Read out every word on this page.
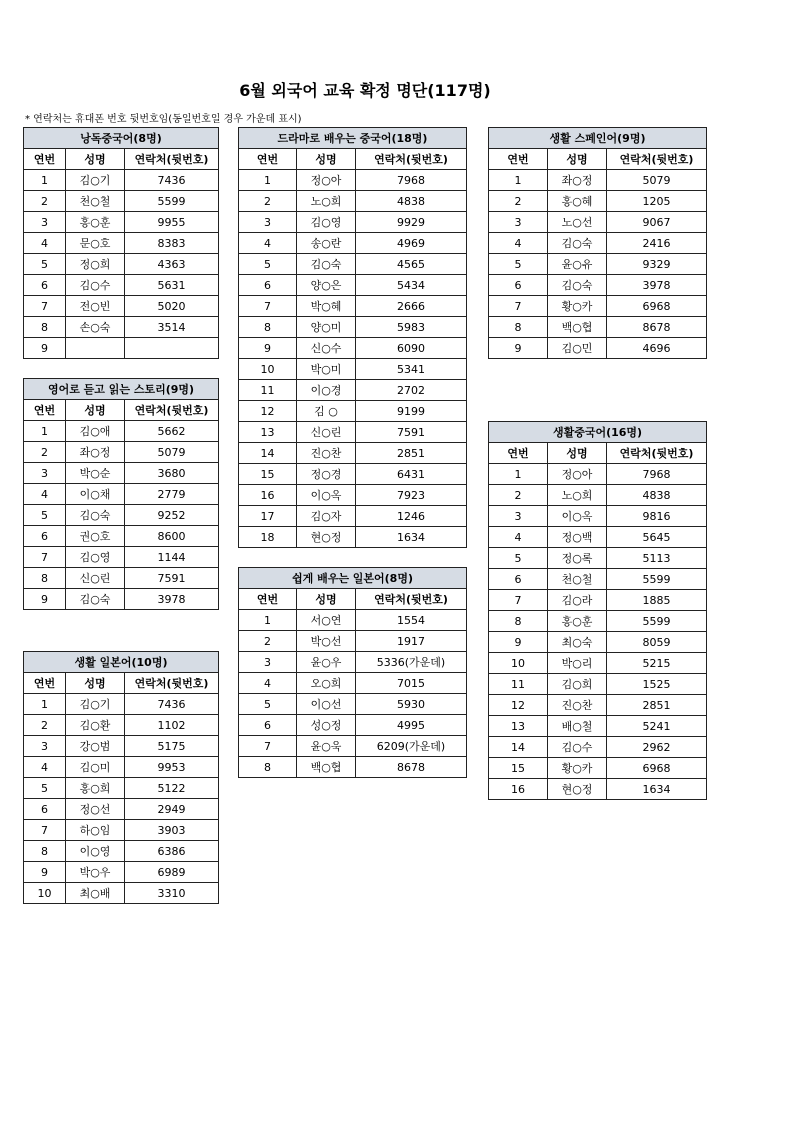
6월 외국어 교육 확정 명단(117명)
* 연락처는 휴대폰 번호 뒷번호임(동일번호일 경우 가운데 표시)
낭독중국어(8명)		
연번	성명	연락처(뒷번호)
1	김○기	7436
2	천○철	5599
3	홍○훈	9955
4	문○호	8383
5	정○희	4363
6	김○수	5631
7	전○빈	5020
8	손○숙	3514
9		
영어로 듣고 읽는 스토리(9명)		
연번	성명	연락처(뒷번호)
1	김○애	5662
2	좌○정	5079
3	박○순	3680
4	이○채	2779
5	김○숙	9252
6	권○호	8600
7	김○영	1144
8	신○린	7591
9	김○숙	3978
생활 일본어(10명)		
연번	성명	연락처(뒷번호)
1	김○기	7436
2	김○환	1102
3	강○범	5175
4	김○미	9953
5	홍○희	5122
6	정○선	2949
7	하○임	3903
8	이○영	6386
9	박○우	6989
10	최○배	3310
드라마로 배우는 중국어(18명)		
연번	성명	연락처(뒷번호)
1	정○아	7968
2	노○희	4838
3	김○영	9929
4	송○란	4969
5	김○숙	4565
6	양○은	5434
7	박○혜	2666
8	양○미	5983
9	신○수	6090
10	박○미	5341
11	이○경	2702
12	김 ○	9199
13	신○린	7591
14	진○찬	2851
15	정○경	6431
16	이○옥	7923
17	김○자	1246
18	현○정	1634
쉽게 배우는 일본어(8명)		
연번	성명	연락처(뒷번호)
1	서○연	1554
2	박○선	1917
3	윤○우	5336(가운데)
4	오○희	7015
5	이○선	5930
6	성○정	4995
7	윤○욱	6209(가운데)
8	백○협	8678
생활 스페인어(9명)		
연번	성명	연락처(뒷번호)
1	좌○정	5079
2	홍○혜	1205
3	노○선	9067
4	김○숙	2416
5	윤○유	9329
6	김○숙	3978
7	황○카	6968
8	백○협	8678
9	김○민	4696
생활중국어(16명)		
연번	성명	연락처(뒷번호)
1	정○아	7968
2	노○희	4838
3	이○옥	9816
4	정○백	5645
5	정○록	5113
6	천○철	5599
7	김○라	1885
8	홍○훈	5599
9	최○숙	8059
10	박○리	5215
11	김○희	1525
12	진○찬	2851
13	배○철	5241
14	김○수	2962
15	황○카	6968
16	현○정	1634
